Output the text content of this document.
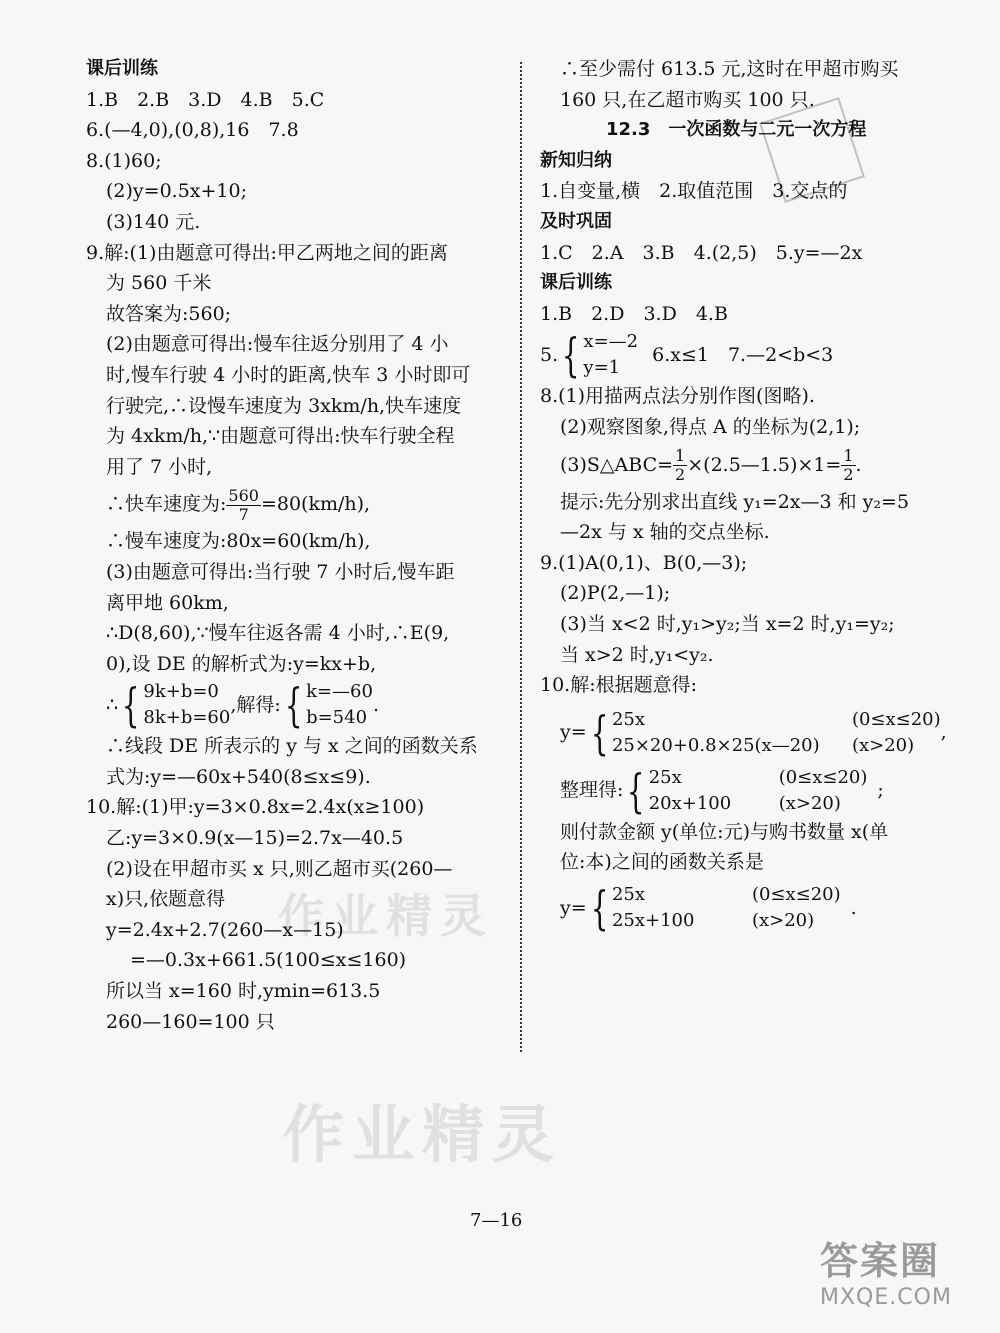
作业精灵
作业精灵
课后训练
1.B　2.B　3.D　4.B　5.C
6.(—4,0),(0,8),16　7.8
8.(1)60;
(2)y=0.5x+10;
(3)140 元.
9.解:(1)由题意可得出:甲乙两地之间的距离
为 560 千米
故答案为:560;
(2)由题意可得出:慢车往返分别用了 4 小
时,慢车行驶 4 小时的距离,快车 3 小时即可
行驶完,∴设慢车速度为 3xkm/h,快车速度
为 4xkm/h,∵由题意可得出:快车行驶全程
用了 7 小时,
∴快车速度为: $\frac{560}{7} =80(km/h)$,
∴慢车速度为:80x=60(km/h),
(3)由题意可得出:当行驶 7 小时后,慢车距
离甲地 60km,
∴D(8,60),∵慢车往返各需 4 小时,∴E(9,
0),设 DE 的解析式为:y=kx+b,
∴ { 9k+b=0
8k+b=60
,解得: { k=—60
b=540
.
∴线段 DE 所表示的 y 与 x 之间的函数关系
式为:y=—60x+540(8≤x≤9).
10.解:(1)甲:y=3×0.8x=2.4x(x≥100)
乙:y=3×0.9(x—15)=2.7x—40.5
(2)设在甲超市买 x 只,则乙超市买(260—
x)只,依题意得
y=2.4x+2.7(260—x—15)
=—0.3x+661.5(100≤x≤160)
所以当 x=160 时,ymin=613.5
260—160=100 只
∴至少需付 613.5 元,这时在甲超市购买
160 只,在乙超市购买 100 只.
12.3　一次函数与二元一次方程
新知归纳
1.自变量,横　2.取值范围　3.交点的
及时巩固
1.C　2.A　3.B　4.(2,5)　5.y=—2x
课后训练
1.B　2.D　3.D　4.B
5. { x=—2
y=1
6.x≤1　7.—2<b<3
8.(1)用描两点法分别作图(图略).
(2)观察图象,得点 A 的坐标为(2,1);
(3)S△ABC= $\frac{1}{2}$ ×(2.5—1.5)×1= $\frac{1}{2}$ .
提示:先分别求出直线 y₁=2x—3 和 y₂=5
—2x 与 x 轴的交点坐标.
9.(1)A(0,1)、B(0,—3);
(2)P(2,—1);
(3)当 x<2 时,y₁>y₂;当 x=2 时,y₁=y₂;
当 x>2 时,y₁<y₂.
10.解:根据题意得:
y= { 25x	(0≤x≤20)
25×20+0.8×25(x—20) (x>20)
,
整理得: { 25x	(0≤x≤20)
20x+100	(x>20)
;
则付款金额 y(单位:元)与购书数量 x(单
位:本)之间的函数关系是
y= { 25x	(0≤x≤20)
25x+100	(x>20)
.
7—16
答案圈
MXQE.COM
